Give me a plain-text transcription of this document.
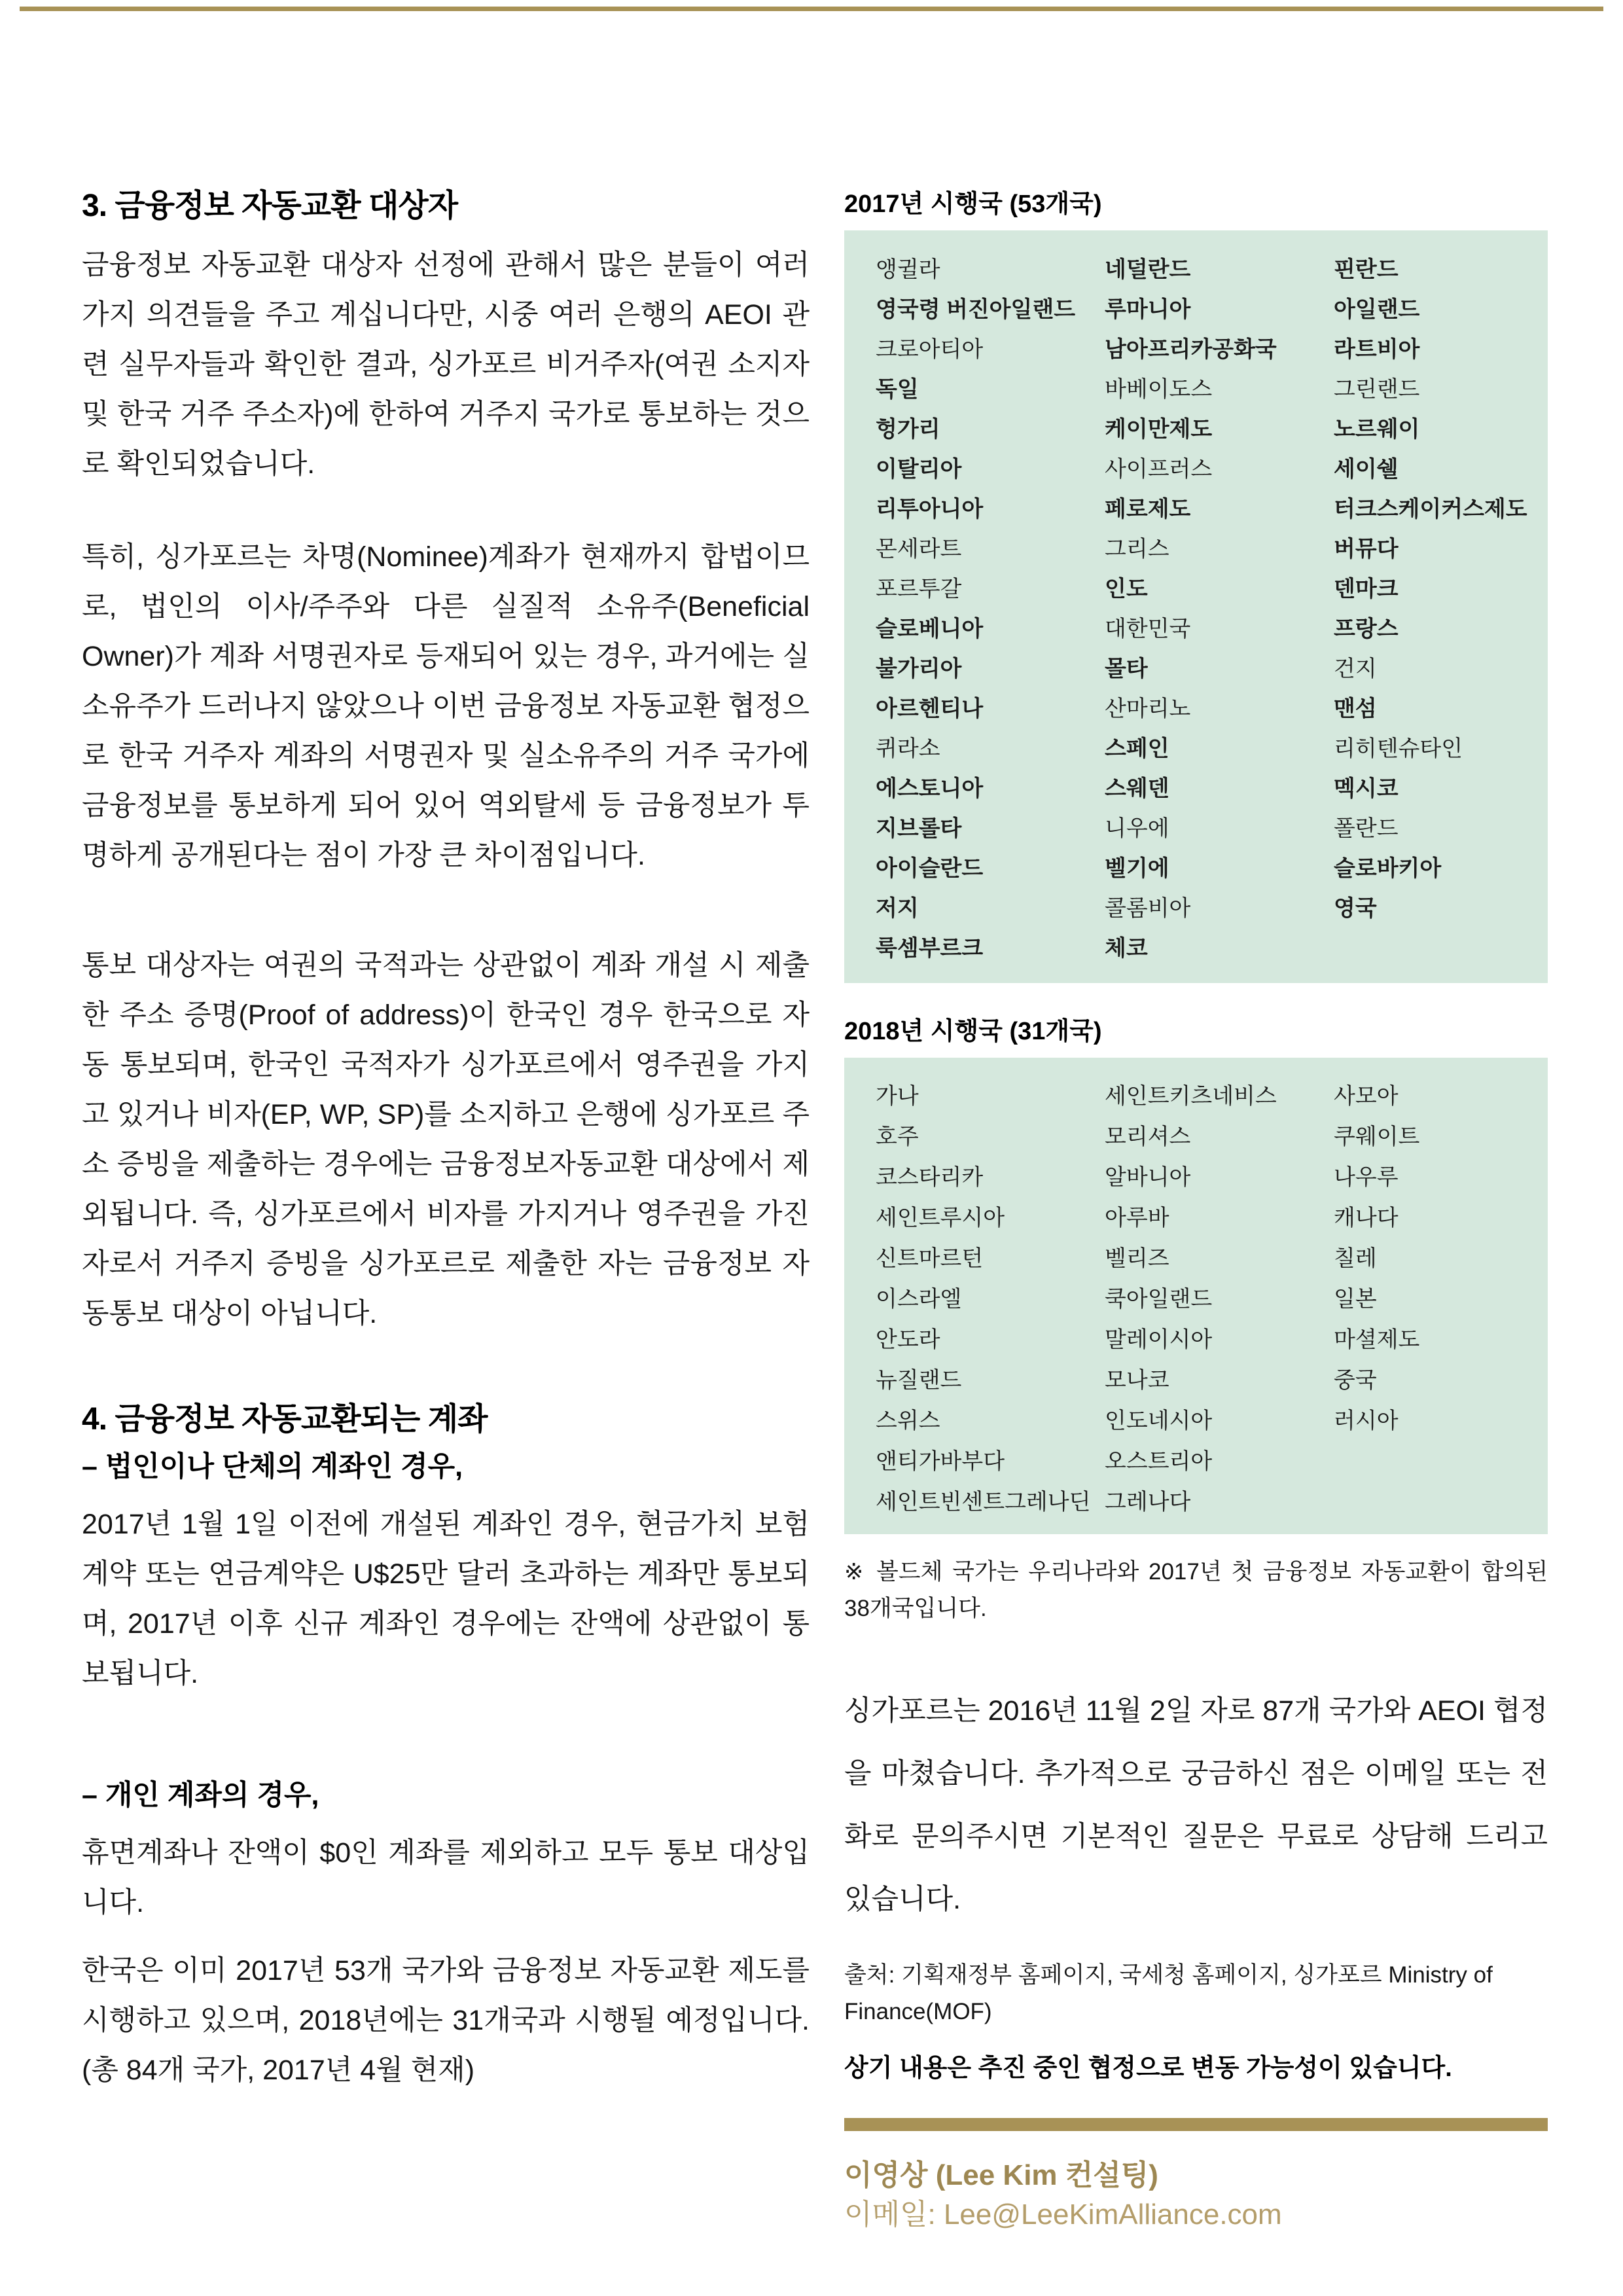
3. 금융정보 자동교환 대상자

금융정보 자동교환 대상자 선정에 관해서 많은 분들이 여러 가지 의견들을 주고 계십니다만, 시중 여러 은행의 AEOI 관련 실무자들과 확인한 결과, 싱가포르 비거주자(여권 소지자 및 한국 거주 주소자)에 한하여 거주지 국가로 통보하는 것으로 확인되었습니다.

특히, 싱가포르는 차명(Nominee)계좌가 현재까지 합법이므로, 법인의 이사/주주와 다른 실질적 소유주(Beneficial Owner)가 계좌 서명권자로 등재되어 있는 경우, 과거에는 실소유주가 드러나지 않았으나 이번 금융정보 자동교환 협정으로 한국 거주자 계좌의 서명권자 및 실소유주의 거주 국가에 금융정보를 통보하게 되어 있어 역외탈세 등 금융정보가 투명하게 공개된다는 점이 가장 큰 차이점입니다.

통보 대상자는 여권의 국적과는 상관없이 계좌 개설 시 제출한 주소 증명(Proof of address)이 한국인 경우 한국으로 자동 통보되며, 한국인 국적자가 싱가포르에서 영주권을 가지고 있거나 비자(EP, WP, SP)를 소지하고 은행에 싱가포르 주소 증빙을 제출하는 경우에는 금융정보자동교환 대상에서 제외됩니다. 즉, 싱가포르에서 비자를 가지거나 영주권을 가진 자로서 거주지 증빙을 싱가포르로 제출한 자는 금융정보 자동통보 대상이 아닙니다.

4. 금융정보 자동교환되는 계좌
– 법인이나 단체의 계좌인 경우,

2017년 1월 1일 이전에 개설된 계좌인 경우, 현금가치 보험계약 또는 연금계약은 U$25만 달러 초과하는 계좌만 통보되며, 2017년 이후 신규 계좌인 경우에는 잔액에 상관없이 통보됩니다.

– 개인 계좌의 경우,

휴면계좌나 잔액이 $0인 계좌를 제외하고 모두 통보 대상입니다.

한국은 이미 2017년 53개 국가와 금융정보 자동교환 제도를 시행하고 있으며, 2018년에는 31개국과 시행될 예정입니다. (총 84개 국가, 2017년 4월 현재)

2017년 시행국 (53개국)
앵귈라	네덜란드	핀란드
영국령 버진아일랜드	루마니아	아일랜드
크로아티아	남아프리카공화국	라트비아
독일	바베이도스	그린랜드
헝가리	케이만제도	노르웨이
이탈리아	사이프러스	세이쉘
리투아니아	페로제도	터크스케이커스제도
몬세라트	그리스	버뮤다
포르투갈	인도	덴마크
슬로베니아	대한민국	프랑스
불가리아	몰타	건지
아르헨티나	산마리노	맨섬
퀴라소	스페인	리히텐슈타인
에스토니아	스웨덴	멕시코
지브롤타	니우에	폴란드
아이슬란드	벨기에	슬로바키아
저지	콜롬비아	영국
룩셈부르크	체코
2018년 시행국 (31개국)
가나	세인트키츠네비스	사모아
호주	모리셔스	쿠웨이트
코스타리카	알바니아	나우루
세인트루시아	아루바	캐나다
신트마르턴	벨리즈	칠레
이스라엘	쿡아일랜드	일본
안도라	말레이시아	마셜제도
뉴질랜드	모나코	중국
스위스	인도네시아	러시아
앤티가바부다	오스트리아
세인트빈센트그레나딘 그레나다

※ 볼드체 국가는 우리나라와 2017년 첫 금융정보 자동교환이 합의된 38개국입니다.

싱가포르는 2016년 11월 2일 자로 87개 국가와 AEOI 협정을 마쳤습니다. 추가적으로 궁금하신 점은 이메일 또는 전화로 문의주시면 기본적인 질문은 무료로 상담해 드리고 있습니다.

출처: 기획재정부 홈페이지, 국세청 홈페이지, 싱가포르 Ministry of Finance(MOF)

상기 내용은 추진 중인 협정으로 변동 가능성이 있습니다.

이영상 (Lee Kim 컨설팅)
이메일: Lee@LeeKimAlliance.com
